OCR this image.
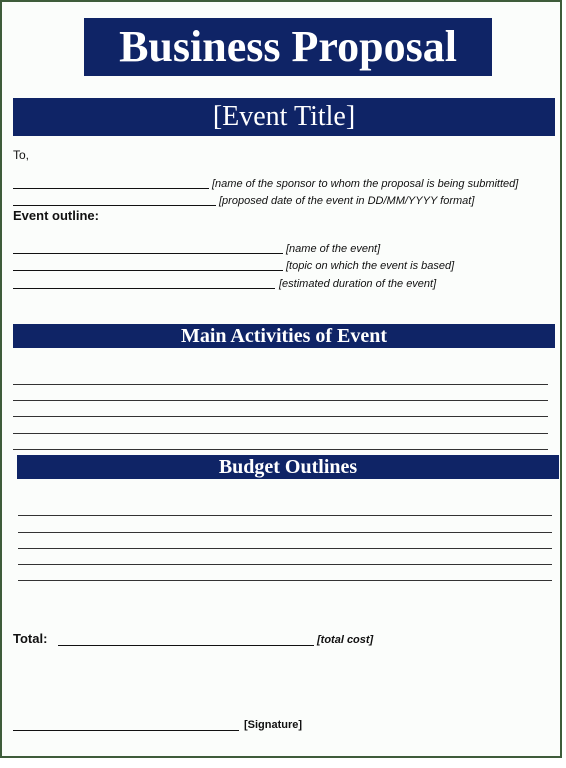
Business Proposal
[Event Title]
To,
[name of the sponsor to whom the proposal is being submitted]
[proposed date of the event in DD/MM/YYYY format]
Event outline:
[name of the event]
[topic on which the event is based]
[estimated duration of the event]
Main Activities of Event
Budget Outlines
Total:	[total cost]
[Signature]
